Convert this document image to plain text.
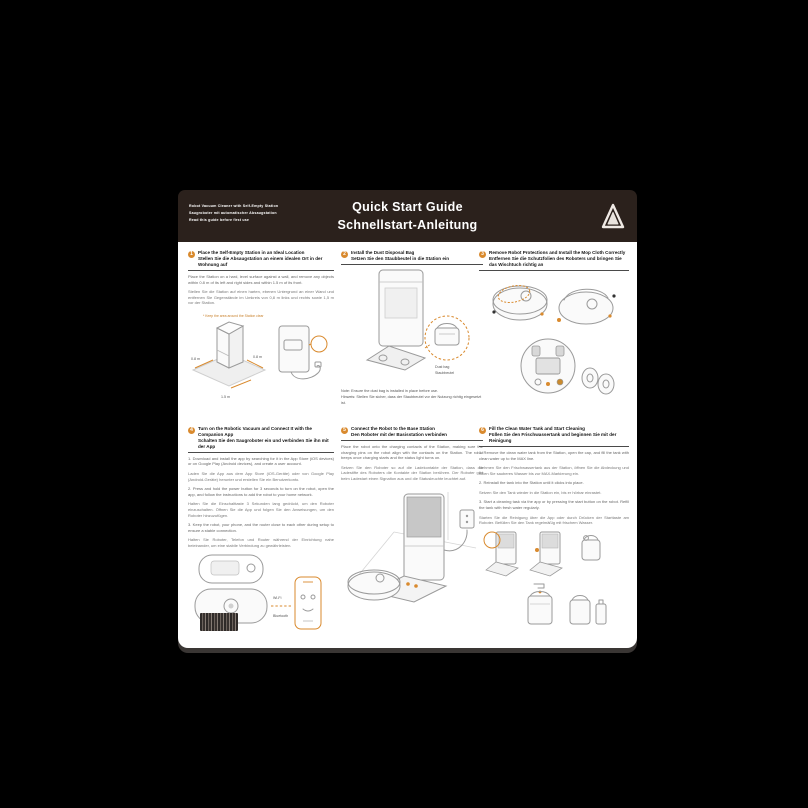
Robot Vacuum Cleaner with Self-Empty Station
Saugroboter mit automatischer Absaugstation
Read this guide before first use
Quick Start Guide
Schnellstart-Anleitung
1	Place the Self-Empty Station in an Ideal Location
Stellen Sie die Absaugstation an einem idealen Ort in der Wohnung auf

Place the Station on a hard, level surface against a wall, and remove any objects within 0.8 m of its left and right sides and within 1.5 m of its front.

Stellen Sie die Station auf einen harten, ebenen Untergrund an einer Wand und entfernen Sie Gegenstände im Umkreis von 0,8 m links und rechts sowie 1,5 m vor der Station.

* Keep the area around the Station clear
0.8 m	0.8 m
1.5 m
2	Install the Dust Disposal Bag
Setzen Sie den Staubbeutel in die Station ein
Dust bag
Staubbeutel
Note: Ensure the dust bag is installed in place before use.
Hinweis: Stellen Sie sicher, dass der Staubbeutel vor der Nutzung richtig eingesetzt ist.
3	Remove Robot Protections and Install the Mop Cloth Correctly
Entfernen Sie die Schutzfolien des Roboters und bringen Sie das Wischtuch richtig an
4	Turn on the Robotic Vacuum and Connect It with the Companion App
Schalten Sie den Saugroboter ein und verbinden Sie ihn mit der App

1. Download and install the app by searching for it in the App Store (iOS devices) or on Google Play (Android devices), and create a user account.

Laden Sie die App aus dem App Store (iOS-Geräte) oder von Google Play (Android-Geräte) herunter und erstellen Sie ein Benutzerkonto.

2. Press and hold the power button for 3 seconds to turn on the robot, open the app, and follow the instructions to add the robot to your home network.

Halten Sie die Einschalttaste 3 Sekunden lang gedrückt, um den Roboter einzuschalten. Öffnen Sie die App und folgen Sie den Anweisungen, um den Roboter hinzuzufügen.

3. Keep the robot, your phone, and the router close to each other during setup to ensure a stable connection.

Halten Sie Roboter, Telefon und Router während der Einrichtung nahe beieinander, um eine stabile Verbindung zu gewährleisten.

Wi-Fi
Bluetooth
5	Connect the Robot to the Base Station
Den Roboter mit der Basisstation verbinden

Place the robot onto the charging contacts of the Station, making sure the charging pins on the robot align with the contacts on the Station. The robot beeps once charging starts and the status light turns on.

Setzen Sie den Roboter so auf die Ladekontakte der Station, dass die Ladestifte des Roboters die Kontakte der Station berühren. Der Roboter gibt beim Ladestart einen Signalton aus und die Statusleuchte leuchtet auf.

6	Fill the Clean Water Tank and Start Cleaning
Füllen Sie den Frischwassertank und beginnen Sie mit der Reinigung

1. Remove the clean water tank from the Station, open the cap, and fill the tank with clean water up to the MAX line.

Nehmen Sie den Frischwassertank aus der Station, öffnen Sie die Abdeckung und füllen Sie sauberes Wasser bis zur MAX-Markierung ein.

2. Reinstall the tank into the Station until it clicks into place.

Setzen Sie den Tank wieder in die Station ein, bis er hörbar einrastet.

3. Start a cleaning task via the app or by pressing the start button on the robot. Refill the tank with fresh water regularly.

Starten Sie die Reinigung über die App oder durch Drücken der Starttaste am Roboter. Befüllen Sie den Tank regelmäßig mit frischem Wasser.
